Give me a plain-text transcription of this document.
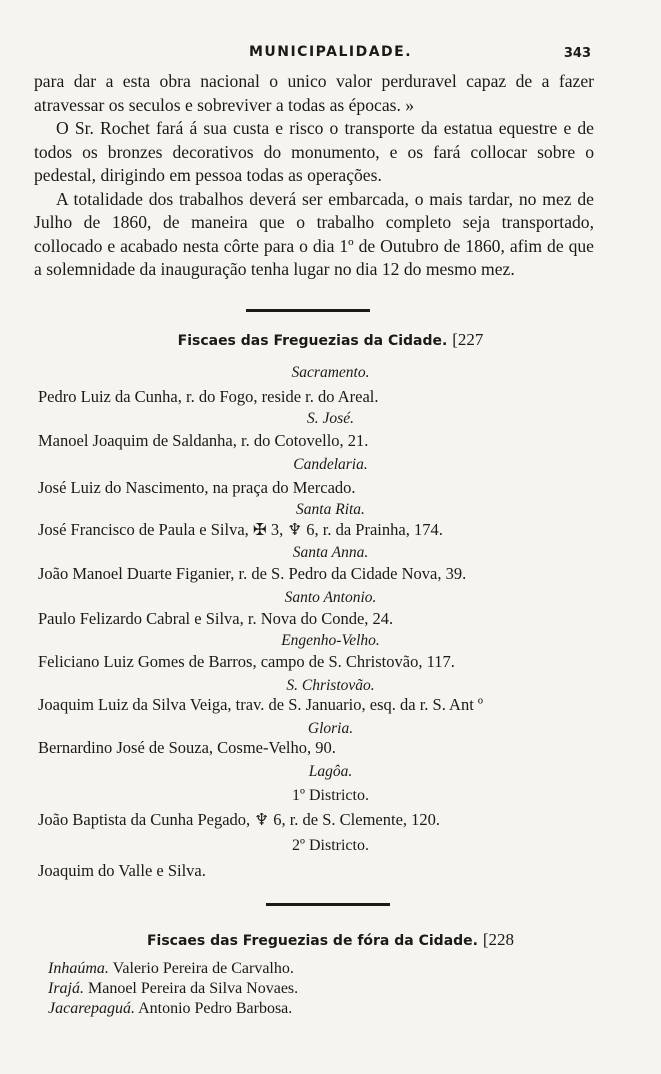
MUNICIPALIDADE.	343

para dar a esta obra nacional o unico valor perduravel capaz de a fazer atravessar os seculos e sobreviver a todas as épocas. »

O Sr. Rochet fará á sua custa e risco o transporte da estatua equestre e de todos os bronzes decorativos do monumento, e os fará collocar sobre o pedestal, dirigindo em pessoa todas as operações.

A totalidade dos trabalhos deverá ser embarcada, o mais tardar, no mez de Julho de 1860, de maneira que o trabalho completo seja transportado, collocado e acabado nesta côrte para o dia 1º de Outubro de 1860, afim de que a solemnidade da inauguração tenha lugar no dia 12 do mesmo mez.

Fiscaes das Freguezias da Cidade. [227
Sacramento.
Pedro Luiz da Cunha, r. do Fogo, reside r. do Areal.
S. José.
Manoel Joaquim de Saldanha, r. do Cotovello, 21.
Candelaria.
José Luiz do Nascimento, na praça do Mercado.
Santa Rita.
José Francisco de Paula e Silva, ✠ 3, ♆ 6, r. da Prainha, 174.
Santa Anna.
João Manoel Duarte Figanier, r. de S. Pedro da Cidade Nova, 39.
Santo Antonio.
Paulo Felizardo Cabral e Silva, r. Nova do Conde, 24.
Engenho-Velho.
Feliciano Luiz Gomes de Barros, campo de S. Christovão, 117.
S. Christovão.
Joaquim Luiz da Silva Veiga, trav. de S. Januario, esq. da r. S. Ant º
Gloria.
Bernardino José de Souza, Cosme-Velho, 90.
Lagôa.
1º Districto.
João Baptista da Cunha Pegado, ♆ 6, r. de S. Clemente, 120.
2º Districto.
Joaquim do Valle e Silva.
Fiscaes das Freguezias de fóra da Cidade. [228
Inhaúma. Valerio Pereira de Carvalho.
Irajá. Manoel Pereira da Silva Novaes.
Jacarepaguá. Antonio Pedro Barbosa.
